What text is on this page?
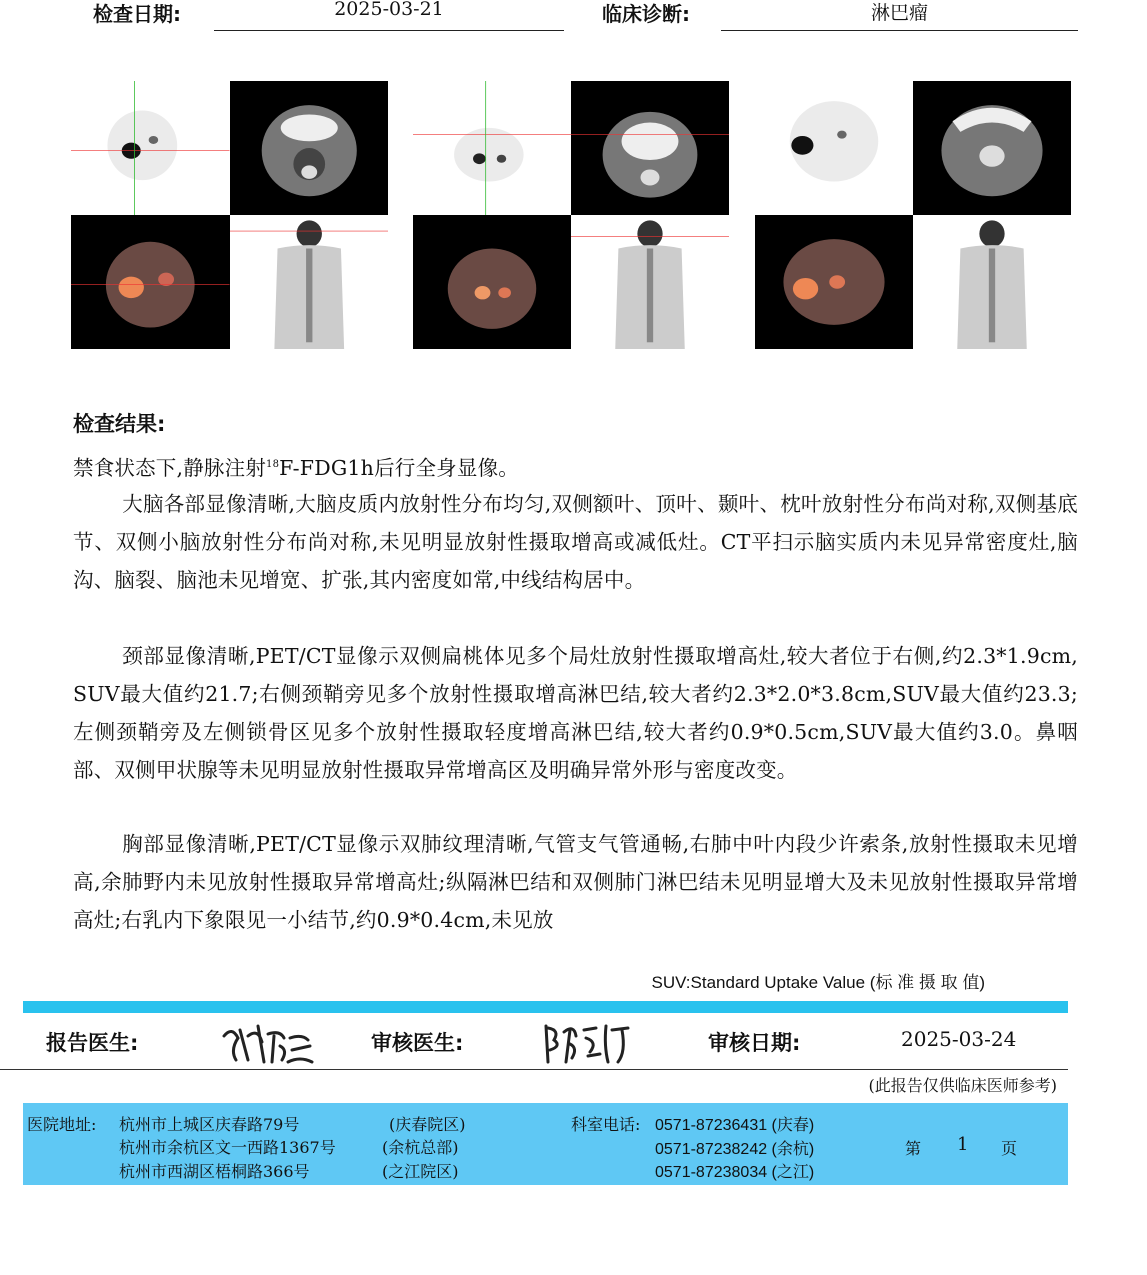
检查日期:	2025-03-21	临床诊断:	淋巴瘤
检查结果:
禁食状态下,静脉注射$^{18}$F-FDG1h后行全身显像。
大脑各部显像清晰,大脑皮质内放射性分布均匀,双侧额叶、顶叶、颞叶、枕叶放射性分布尚对称,双侧基底节、双侧小脑放射性分布尚对称,未见明显放射性摄取增高或减低灶。CT平扫示脑实质内未见异常密度灶,脑沟、脑裂、脑池未见增宽、扩张,其内密度如常,中线结构居中。
颈部显像清晰,PET/CT显像示双侧扁桃体见多个局灶放射性摄取增高灶,较大者位于右侧,约2.3*1.9cm, SUV最大值约21.7;右侧颈鞘旁见多个放射性摄取增高淋巴结,较大者约2.3*2.0*3.8cm,SUV最大值约23.3;左侧颈鞘旁及左侧锁骨区见多个放射性摄取轻度增高淋巴结,较大者约0.9*0.5cm,SUV最大值约3.0。鼻咽部、双侧甲状腺等未见明显放射性摄取异常增高区及明确异常外形与密度改变。
胸部显像清晰,PET/CT显像示双肺纹理清晰,气管支气管通畅,右肺中叶内段少许索条,放射性摄取未见增高,余肺野内未见放射性摄取异常增高灶;纵隔淋巴结和双侧肺门淋巴结未见明显增大及未见放射性摄取异常增高灶;右乳内下象限见一小结节,约0.9*0.4cm,未见放
SUV:Standard Uptake Value (标 准 摄 取 值)
报告医生:	审核医生:	审核日期:	2025-03-24
(此报告仅供临床医师参考)
医院地址: 杭州市上城区庆春路79号	(庆春院区)
杭州市余杭区文一西路1367号	(余杭总部)
杭州市西湖区梧桐路366号	(之江院区)
科室电话: 0571-87236431 (庆春)
0571-87238242 (余杭)
0571-87238034 (之江)
第 1 页
